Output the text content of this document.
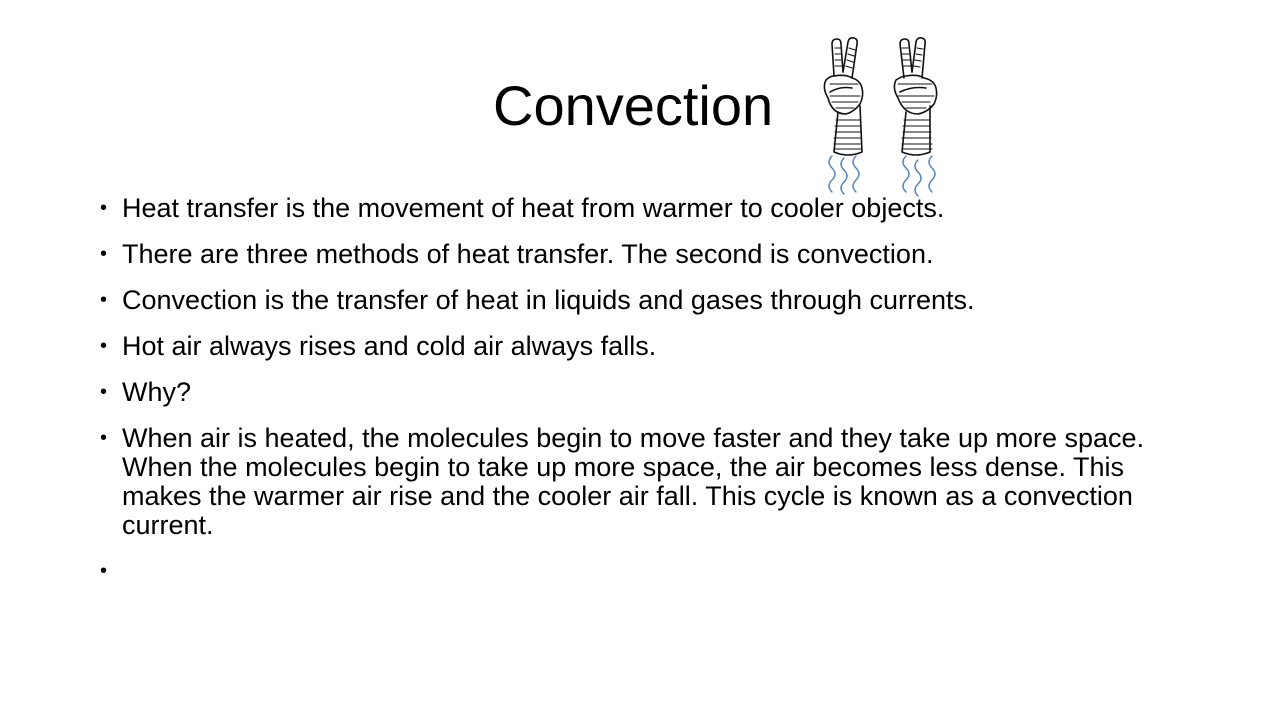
Convection
• Heat transfer is the movement of heat from warmer to cooler objects.
• There are three methods of heat transfer. The second is convection.
• Convection is the transfer of heat in liquids and gases through currents.
• Hot air always rises and cold air always falls.
• Why?
• When air is heated, the molecules begin to move faster and they take up more space. When the molecules begin to take up more space, the air becomes less dense. This makes the warmer air rise and the cooler air fall. This cycle is known as a convection current.
•
